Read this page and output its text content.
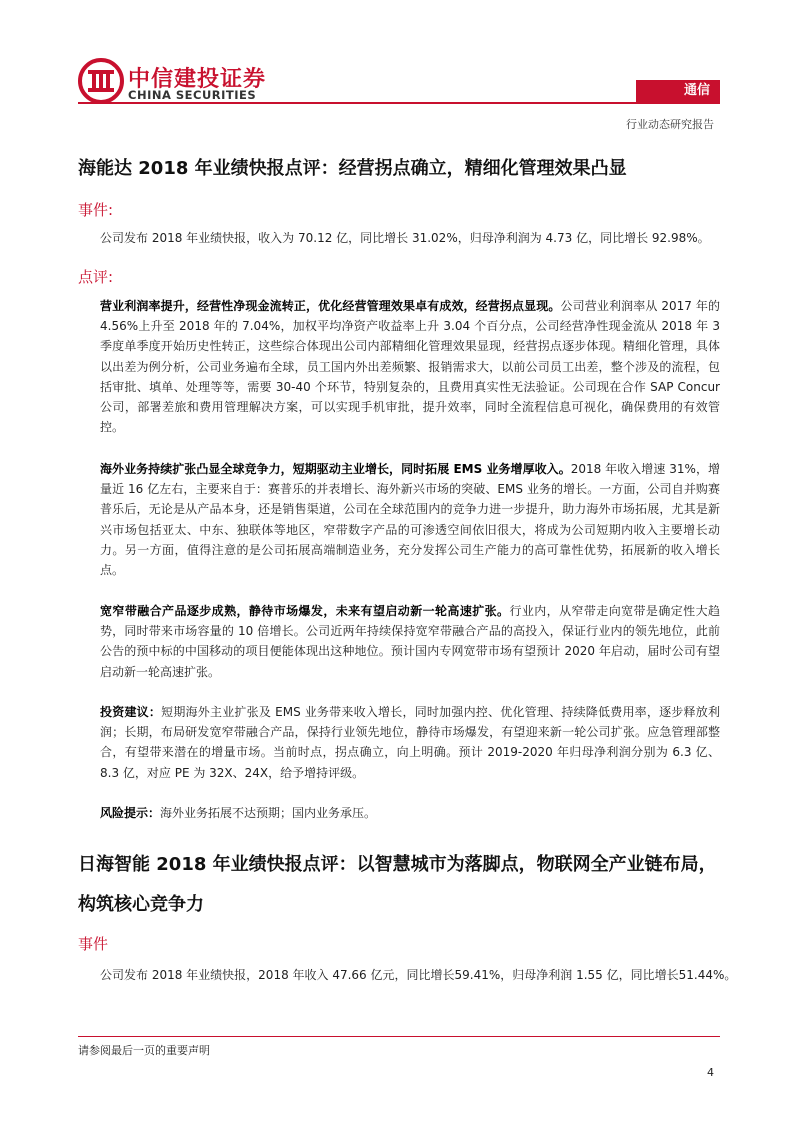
中信建投证券
CHINA SECURITIES	通信
行业动态研究报告
海能达 2018 年业绩快报点评：经营拐点确立，精细化管理效果凸显
事件:
公司发布 2018 年业绩快报，收入为 70.12 亿，同比增长 31.02%，归母净利润为 4.73 亿，同比增长 92.98%。
点评:
营业利润率提升，经营性净现金流转正，优化经营管理效果卓有成效，经营拐点显现。公司营业利润率从 2017 年的 4.56%上升至 2018 年的 7.04%，加权平均净资产收益率上升 3.04 个百分点，公司经营净性现金流从 2018 年 3 季度单季度开始历史性转正，这些综合体现出公司内部精细化管理效果显现，经营拐点逐步体现。精细化管理，具体以出差为例分析，公司业务遍布全球，员工国内外出差频繁、报销需求大，以前公司员工出差，整个涉及的流程，包括审批、填单、处理等等，需要 30-40 个环节，特别复杂的，且费用真实性无法验证。公司现在合作 SAP Concur 公司，部署差旅和费用管理解决方案，可以实现手机审批，提升效率，同时全流程信息可视化，确保费用的有效管控。
海外业务持续扩张凸显全球竞争力，短期驱动主业增长，同时拓展 EMS 业务增厚收入。2018 年收入增速 31%，增量近 16 亿左右，主要来自于：赛普乐的并表增长、海外新兴市场的突破、EMS 业务的增长。一方面，公司自并购赛普乐后，无论是从产品本身，还是销售渠道，公司在全球范围内的竞争力进一步提升，助力海外市场拓展，尤其是新兴市场包括亚太、中东、独联体等地区，窄带数字产品的可渗透空间依旧很大，将成为公司短期内收入主要增长动力。另一方面，值得注意的是公司拓展高端制造业务，充分发挥公司生产能力的高可靠性优势，拓展新的收入增长点。
宽窄带融合产品逐步成熟，静待市场爆发，未来有望启动新一轮高速扩张。行业内，从窄带走向宽带是确定性大趋势，同时带来市场容量的 10 倍增长。公司近两年持续保持宽窄带融合产品的高投入，保证行业内的领先地位，此前公告的预中标的中国移动的项目便能体现出这种地位。预计国内专网宽带市场有望预计 2020 年启动，届时公司有望启动新一轮高速扩张。
投资建议：短期海外主业扩张及 EMS 业务带来收入增长，同时加强内控、优化管理、持续降低费用率，逐步释放利润；长期，布局研发宽窄带融合产品，保持行业领先地位，静待市场爆发，有望迎来新一轮公司扩张。应急管理部整合，有望带来潜在的增量市场。当前时点，拐点确立，向上明确。预计 2019-2020 年归母净利润分别为 6.3 亿、8.3 亿，对应 PE 为 32X、24X，给予增持评级。
风险提示：海外业务拓展不达预期；国内业务承压。
日海智能 2018 年业绩快报点评：以智慧城市为落脚点，物联网全产业链布局，
构筑核心竞争力
事件
公司发布 2018 年业绩快报，2018 年收入 47.66 亿元，同比增长59.41%，归母净利润 1.55 亿，同比增长51.44%。
请参阅最后一页的重要声明
4
